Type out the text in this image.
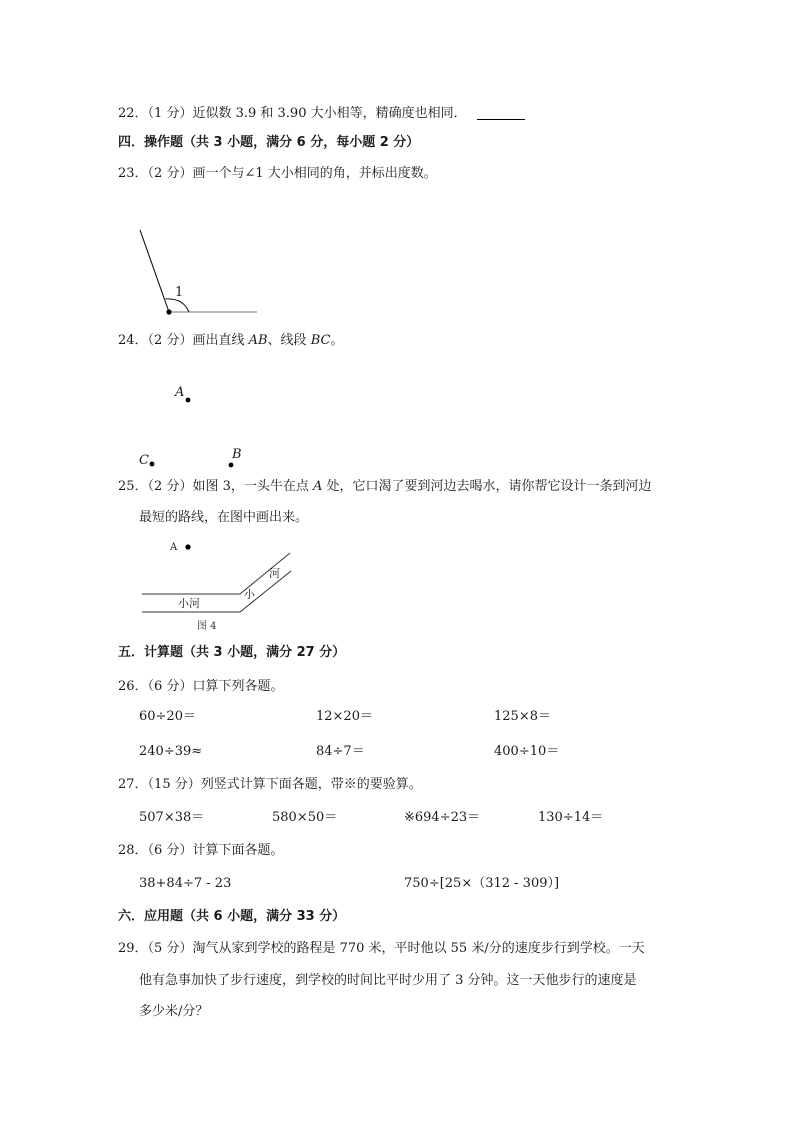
22．（1 分）近似数 3.9 和 3.90 大小相等，精确度也相同．
四．操作题（共 3 小题，满分 6 分，每小题 2 分）
23．（2 分）画一个与∠1 大小相同的角，并标出度数。
1
24．（2 分）画出直线 AB、线段 BC。
A
C	B
25．（2 分）如图 3，一头牛在点 A 处，它口渴了要到河边去喝水，请你帮它设计一条到河边
最短的路线，在图中画出来。
A
小河
小
河
图 4
五．计算题（共 3 小题，满分 27 分）
26．（6 分）口算下列各题。
60÷20＝	12×20＝	125×8＝
240÷39≈	84÷7＝	400÷10＝
27．（15 分）列竖式计算下面各题，带※的要验算。
507×38＝	580×50＝	※694÷23＝	130÷14＝
28．（6 分）计算下面各题。
38+84÷7 - 23	750÷[25×（312 - 309）]
六．应用题（共 6 小题，满分 33 分）
29．（5 分）淘气从家到学校的路程是 770 米，平时他以 55 米/分的速度步行到学校。一天
他有急事加快了步行速度，到学校的时间比平时少用了 3 分钟。这一天他步行的速度是
多少米/分？
